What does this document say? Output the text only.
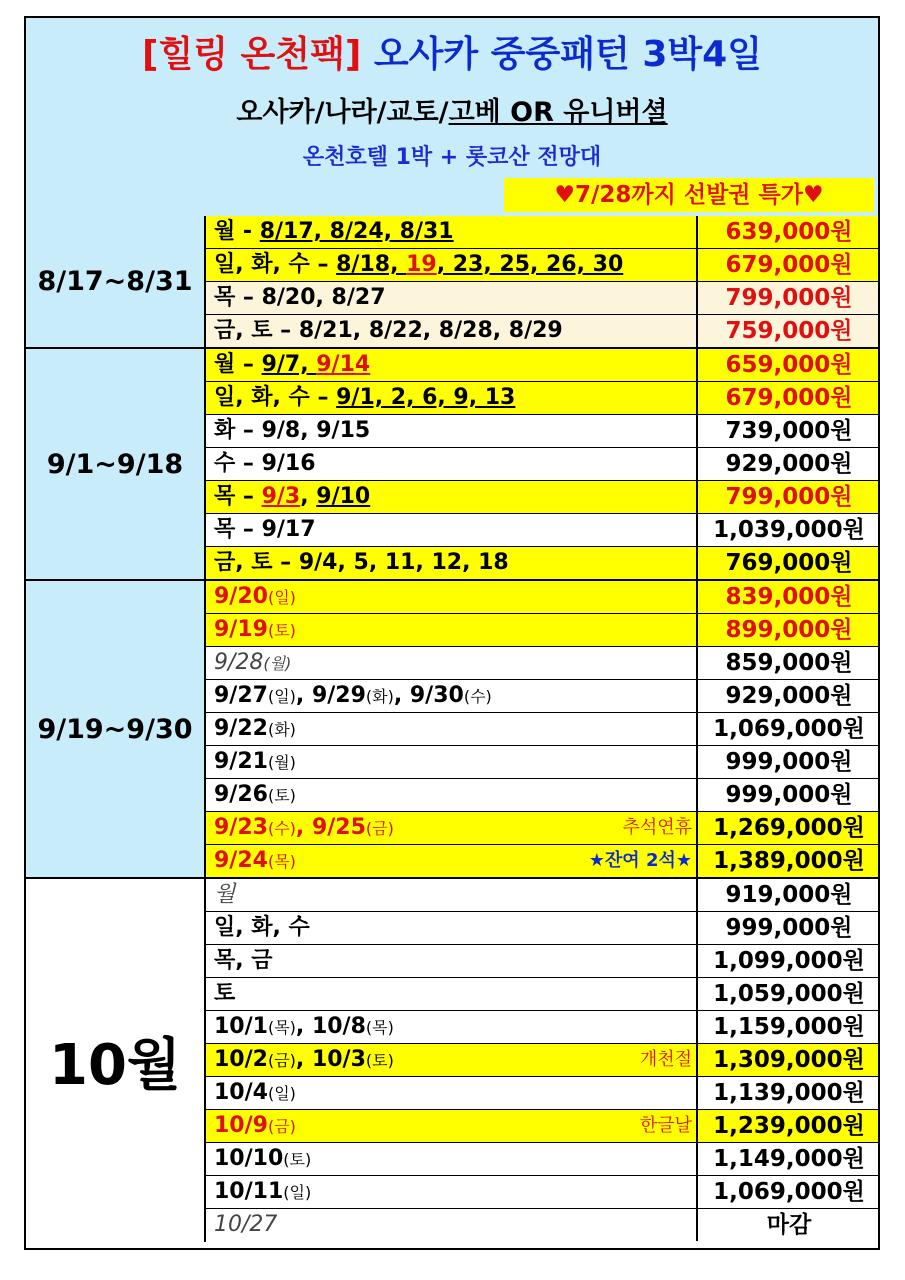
[힐링 온천팩] 오사카 중중패턴 3박4일
오사카/나라/교토/고베 OR 유니버셜
온천호텔 1박 + 롯코산 전망대
♥7/28까지 선발권 특가♥
8/17~8/31
월 - 8/17, 8/24, 8/31	639,000원
일, 화, 수 – 8/18, 19, 23, 25, 26, 30	679,000원
목 – 8/20, 8/27	799,000원
금, 토 – 8/21, 8/22, 8/28, 8/29	759,000원
9/1~9/18
월 – 9/7, 9/14	659,000원
일, 화, 수 – 9/1, 2, 6, 9, 13	679,000원
화 – 9/8, 9/15	739,000원
수 – 9/16	929,000원
목 – 9/3, 9/10	799,000원
목 – 9/17	1,039,000원
금, 토 – 9/4, 5, 11, 12, 18	769,000원
9/19~9/30
9/20(일)	839,000원
9/19(토)	899,000원
9/28(월)	859,000원
9/27(일), 9/29(화), 9/30(수)	929,000원
9/22(화)	1,069,000원
9/21(월)	999,000원
9/26(토)	999,000원
9/23(수), 9/25(금)	추석연휴 1,269,000원
9/24(목)	★잔여 2석★ 1,389,000원
10월
월	919,000원
일, 화, 수	999,000원
목, 금	1,099,000원
토	1,059,000원
10/1(목), 10/8(목)	1,159,000원
10/2(금), 10/3(토)	개천절 1,309,000원
10/4(일)	1,139,000원
10/9(금)	한글날 1,239,000원
10/10(토)	1,149,000원
10/11(일)	1,069,000원
10/27	마감
